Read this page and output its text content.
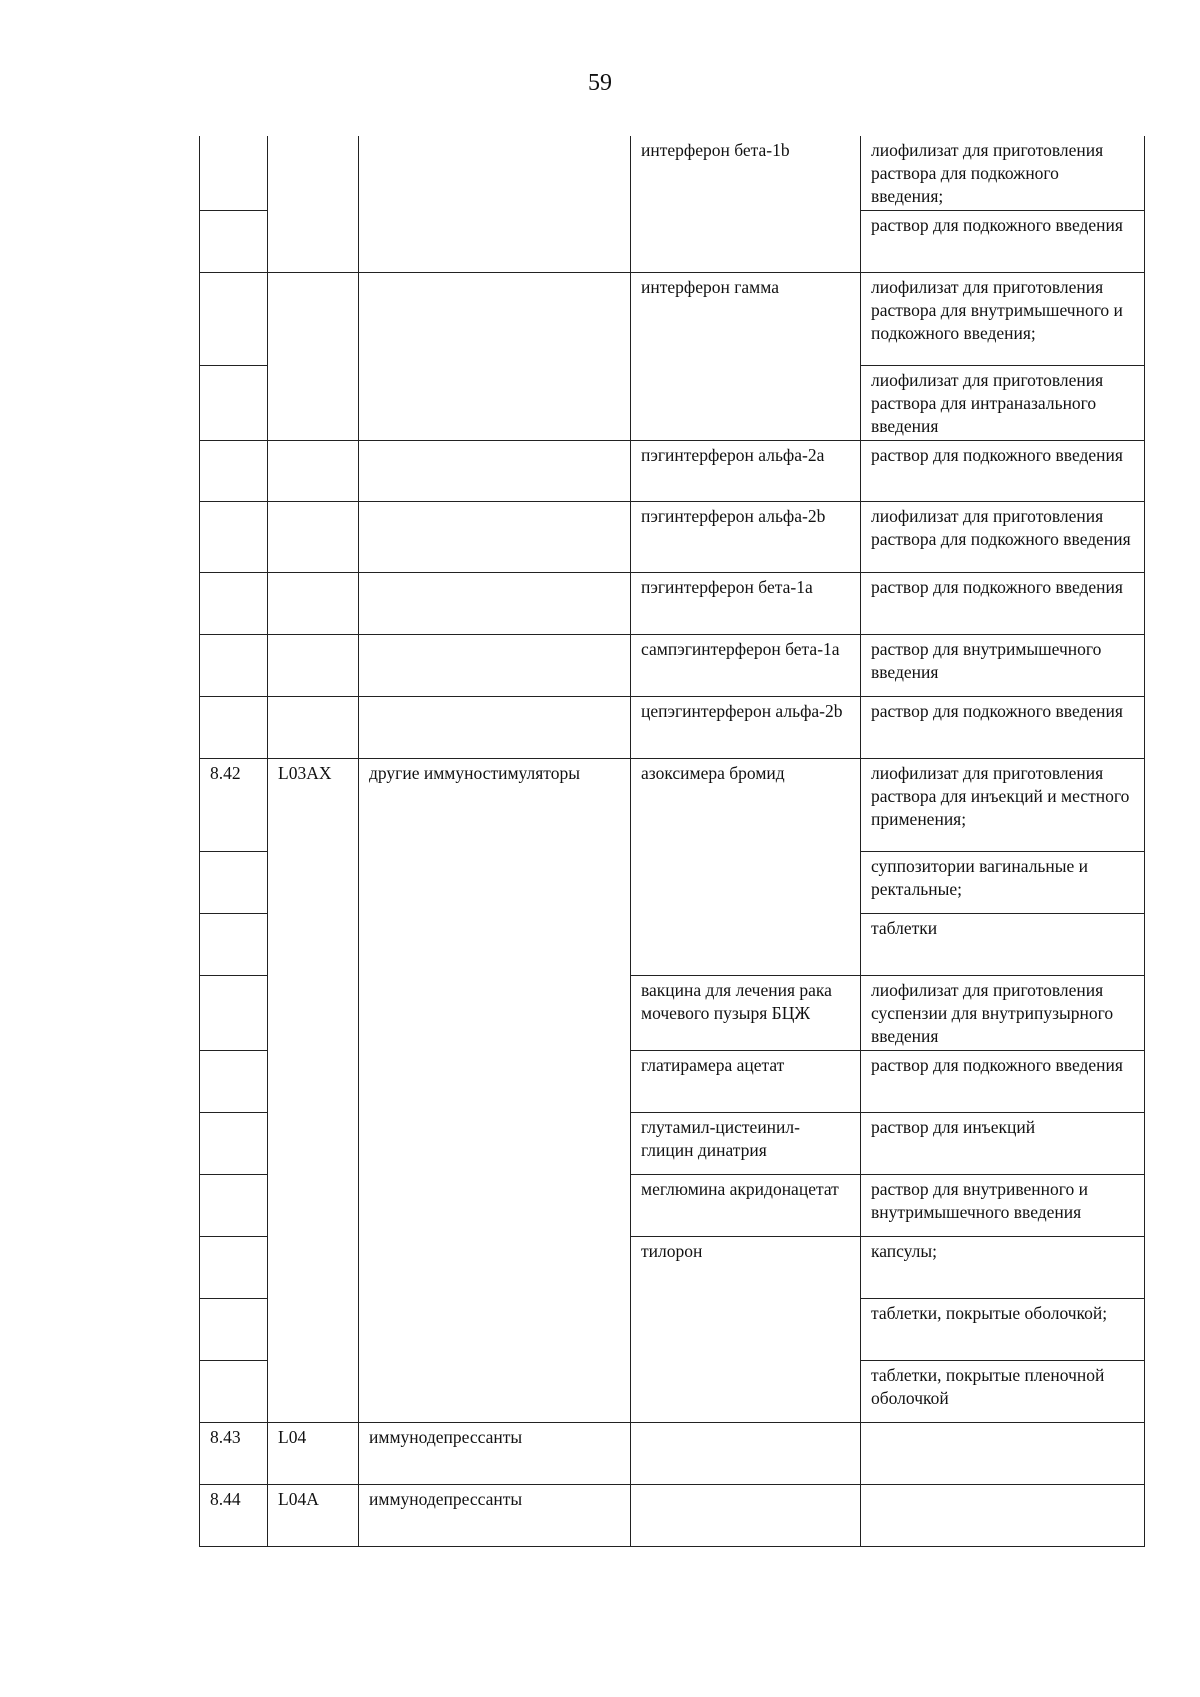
59
			интерферон бета-1b	лиофилизат для приготовления раствора для подкожного введения;
				раствор для подкожного введения
			интерферон гамма	лиофилизат для приготовления раствора для внутримышечного и подкожного введения;
				лиофилизат для приготовления раствора для интраназального введения
			пэгинтерферон альфа-2a	раствор для подкожного введения
			пэгинтерферон альфа-2b	лиофилизат для приготовления раствора для подкожного введения
			пэгинтерферон бета-1a	раствор для подкожного введения
			сампэгинтерферон бета-1a	раствор для внутримышечного введения
			цепэгинтерферон альфа-2b	раствор для подкожного введения
8.42	L03AX	другие иммуностимуляторы	азоксимера бромид	лиофилизат для приготовления раствора для инъекций и местного применения;
				суппозитории вагинальные и ректальные;
				таблетки
			вакцина для лечения рака мочевого пузыря БЦЖ	лиофилизат для приготовления суспензии для внутрипузырного введения
			глатирамера ацетат	раствор для подкожного введения
			глутамил-цистеинил-глицин динатрия	раствор для инъекций
			меглюмина акридонацетат	раствор для внутривенного и внутримышечного введения
			тилорон	капсулы;
				таблетки, покрытые оболочкой;
				таблетки, покрытые пленочной оболочкой
8.43	L04	иммунодепрессанты		
8.44	L04A	иммунодепрессанты		
